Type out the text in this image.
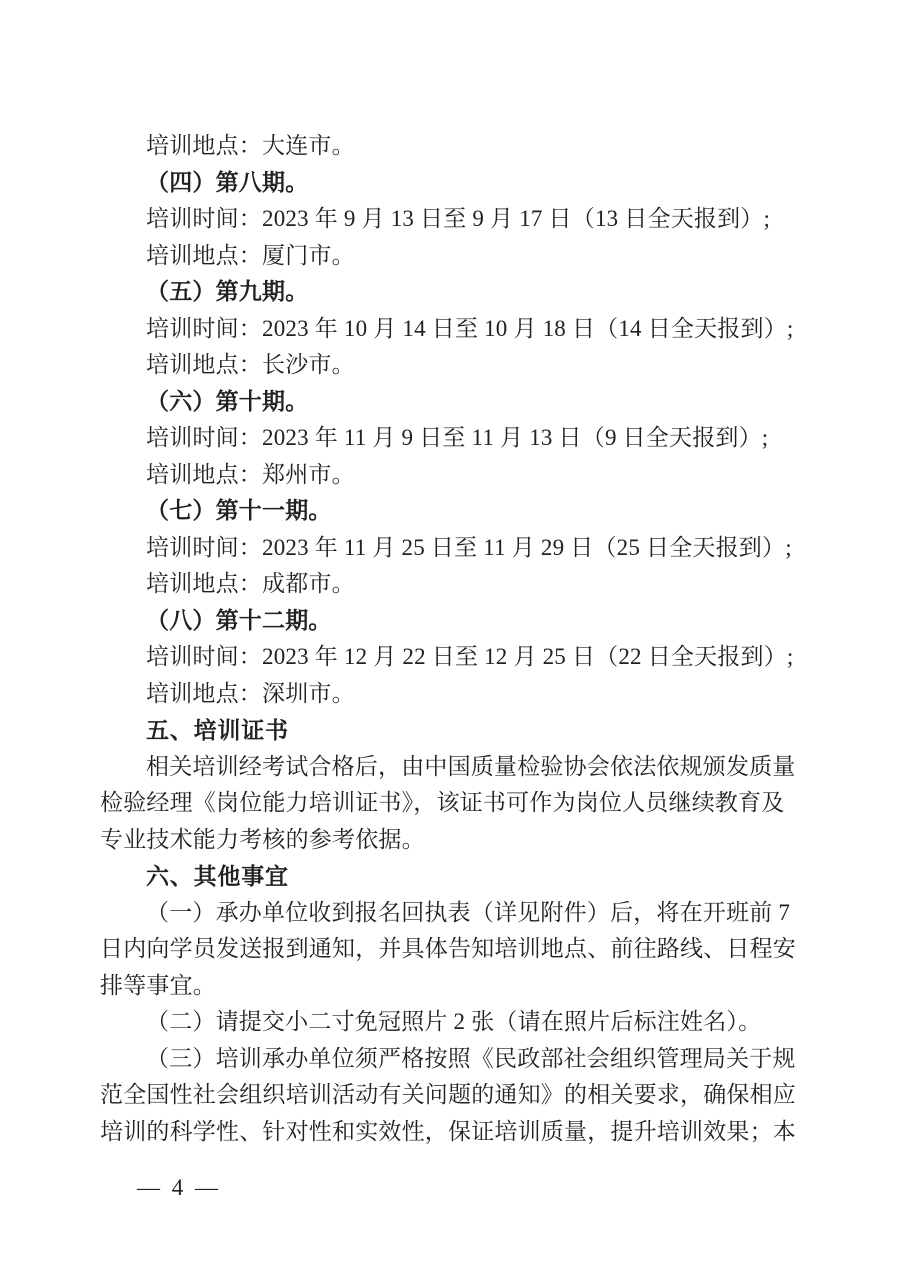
培训地点：大连市。
（四）第八期。
培训时间：2023 年 9 月 13 日至 9 月 17 日（13 日全天报到）;
培训地点：厦门市。
（五）第九期。
培训时间：2023 年 10 月 14 日至 10 月 18 日（14 日全天报到）;
培训地点：长沙市。
（六）第十期。
培训时间：2023 年 11 月 9 日至 11 月 13 日（9 日全天报到）;
培训地点：郑州市。
（七）第十一期。
培训时间：2023 年 11 月 25 日至 11 月 29 日（25 日全天报到）;
培训地点：成都市。
（八）第十二期。
培训时间：2023 年 12 月 22 日至 12 月 25 日（22 日全天报到）;
培训地点：深圳市。
五、培训证书
相关培训经考试合格后，由中国质量检验协会依法依规颁发质量
检验经理《岗位能力培训证书》，该证书可作为岗位人员继续教育及
专业技术能力考核的参考依据。
六、其他事宜
（一）承办单位收到报名回执表（详见附件）后，将在开班前 7
日内向学员发送报到通知，并具体告知培训地点、前往路线、日程安
排等事宜。
（二）请提交小二寸免冠照片 2 张（请在照片后标注姓名）。
（三）培训承办单位须严格按照《民政部社会组织管理局关于规
范全国性社会组织培训活动有关问题的通知》的相关要求，确保相应
培训的科学性、针对性和实效性，保证培训质量，提升培训效果；本
— 4 —
